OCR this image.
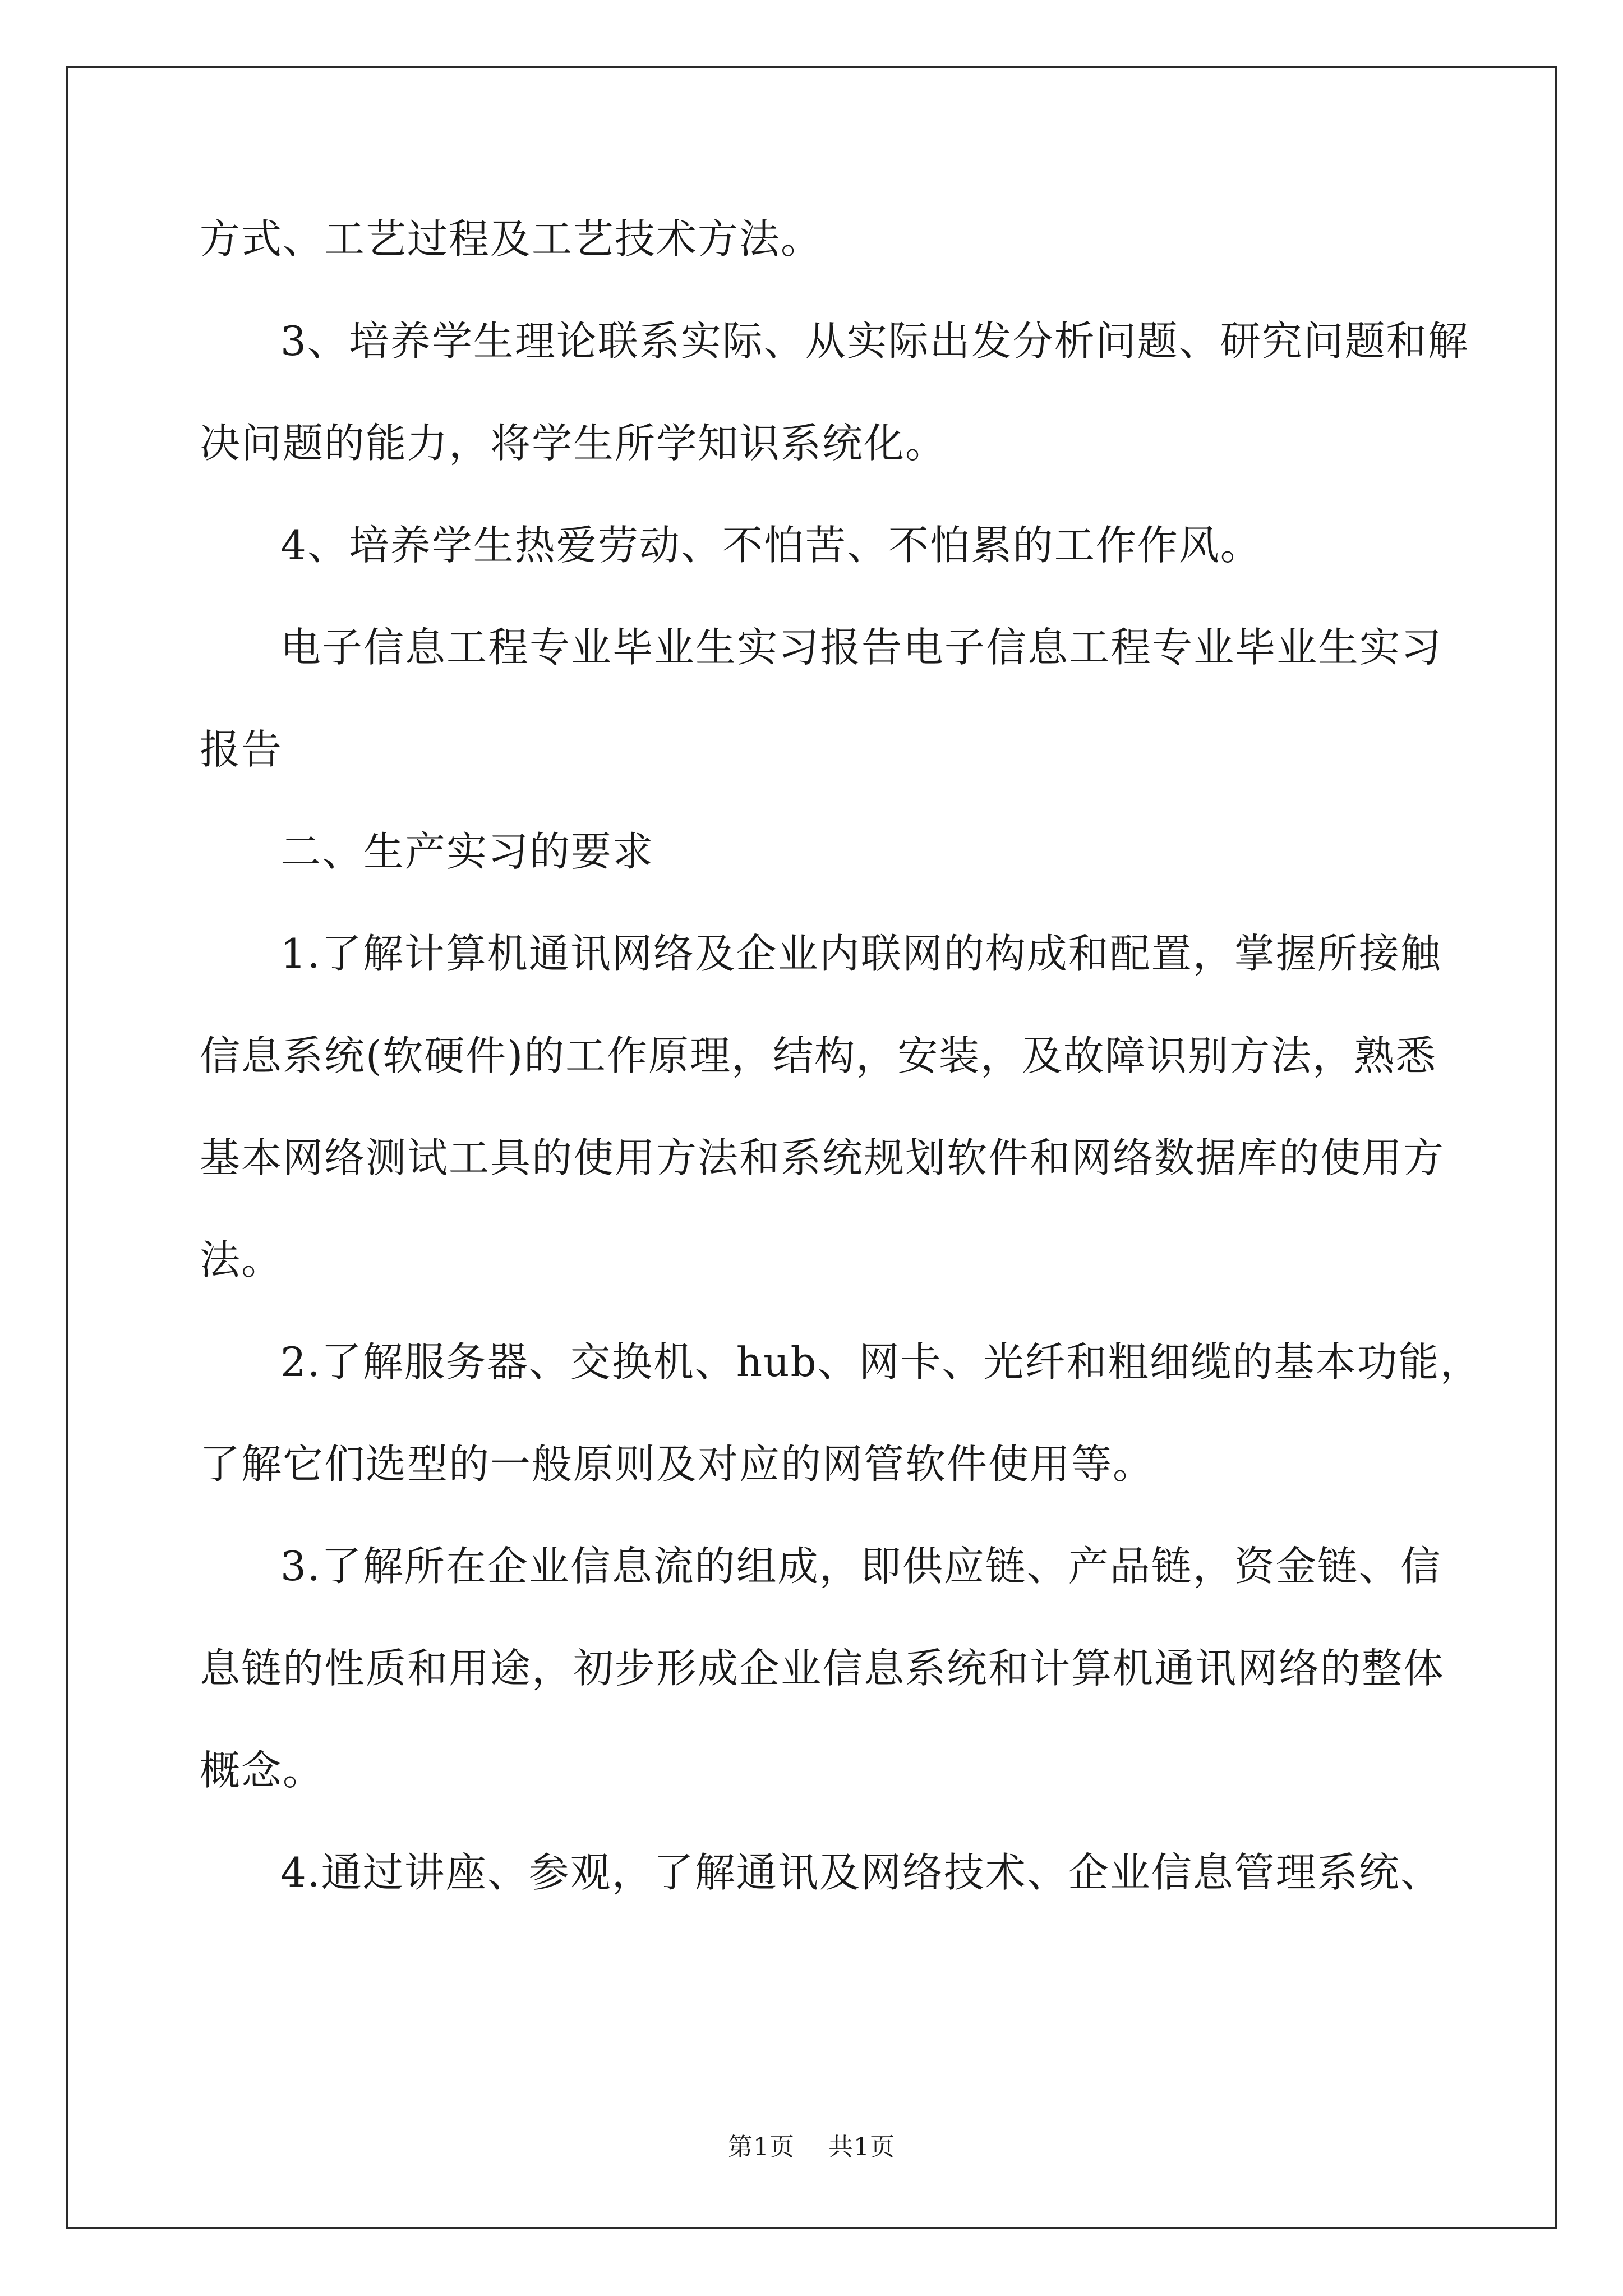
方式、工艺过程及工艺技术方法。
3、培养学生理论联系实际、从实际出发分析问题、研究问题和解
决问题的能力，将学生所学知识系统化。
4、培养学生热爱劳动、不怕苦、不怕累的工作作风。
电子信息工程专业毕业生实习报告电子信息工程专业毕业生实习
报告
二、生产实习的要求
1.了解计算机通讯网络及企业内联网的构成和配置，掌握所接触
信息系统(软硬件)的工作原理，结构，安装，及故障识别方法，熟悉
基本网络测试工具的使用方法和系统规划软件和网络数据库的使用方
法。
2.了解服务器、交换机、hub、网卡、光纤和粗细缆的基本功能，
了解它们选型的一般原则及对应的网管软件使用等。
3.了解所在企业信息流的组成，即供应链、产品链，资金链、信
息链的性质和用途，初步形成企业信息系统和计算机通讯网络的整体
概念。
4.通过讲座、参观，了解通讯及网络技术、企业信息管理系统、
第1页 共1页
